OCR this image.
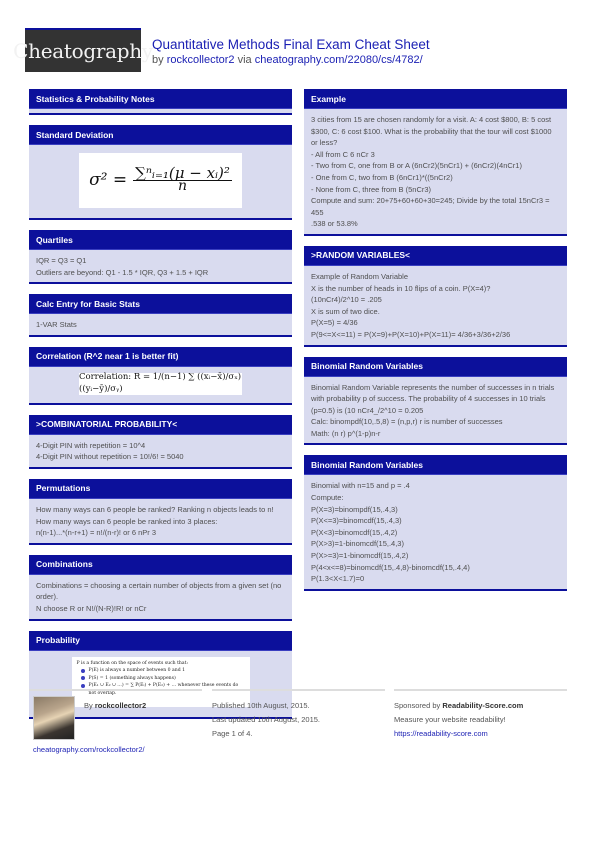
Cheatography Quantitative Methods Final Exam Cheat Sheet
by rockcollector2 via cheatography.com/22080/cs/4782/
Statistics & Probability Notes
Standard Deviation
$\sigma^2 = \frac{\text{∑ⁿᵢ₌₁(μ − xᵢ)²}}{n}$
Quartiles
IQR = Q3 = Q1
Outliers are beyond: Q1 - 1.5 * IQR, Q3 + 1.5 + IQR
Calc Entry for Basic Stats
1-VAR Stats
Correlation (R^2 near 1 is better fit)
Correlation: R = 1/(n−1) ∑ ((xᵢ−x̄)/σₓ)((yᵢ−ȳ)/σᵧ)
>COMBINATORIAL PROBABILITY<
4-Digit PIN with repetition = 10^4
4-Digit PIN without repetition = 10!/6! = 5040
Permutations
How many ways can 6 people be ranked? Ranking n objects leads to n!
How many ways can 6 people be ranked into 3 places:
n(n-1)...*(n-r+1) = n!/(n-r)! or 6 nPr 3
Combinations
Combinations = choosing a certain number of objects from a given set (no order).
N choose R or N!/(N-R)!R! or nCr
Probability
P is a function on the space of events such that:
P(E) is always a number between 0 and 1
P(S) = 1 (something always happens)
P(E₁ ∪ E₂ ∪ …) = ∑ P(Eᵢ) + P(E₂) + … whenever these events do not overlap.
Example
3 cities from 15 are chosen randomly for a visit. A: 4 cost $800, B: 5 cost $300, C: 6 cost $100. What is the probability that the tour will cost $1000 or less?
- All from C 6 nCr 3
- Two from C, one from B or A (6nCr2)(5nCr1) + (6nCr2)(4nCr1)
- One from C, two from B (6nCr1)*((5nCr2)
- None from C, three from B (5nCr3)
Compute and sum: 20+75+60+60+30=245; Divide by the total 15nCr3 = 455
.538 or 53.8%
>RANDOM VARIABLES<
Example of Random Variable
X is the number of heads in 10 flips of a coin. P(X=4)?
(10nCr4)/2^10 = .205
X is sum of two dice.
P(X=5) = 4/36
P(9<=X<=11) = P(X=9)+P(X=10)+P(X=11)= 4/36+3/36+2/36
Binomial Random Variables
Binomial Random Variable represents the number of successes in n trials with probability p of success. The probability of 4 successes in 10 trials (p=0.5) is (10 nCr4_/2^10 = 0.205
Calc: binompdf(10,.5,8) = (n,p,r) r is number of successes
Math: (n r) p^(1-p)n-r
Binomial Random Variables
Binomial with n=15 and p = .4
Compute:
P(X=3)=binompdf(15,.4,3)
P(X<=3)=binomcdf(15,.4,3)
P(X<3)=binomcdf(15,.4,2)
P(X>3)=1-binomcdf(15,.4,3)
P(X>=3)=1-binomcdf(15,.4,2)
P(4<x<=8)=binomcdf(15,.4,8)-binomcdf(15,.4,4)
P(1.3<X<1.7)=0
By rockcollector2
cheatography.com/rockcollector2/
Published 10th August, 2015.
Last updated 10th August, 2015.
Page 1 of 4.
Sponsored by Readability-Score.com
Measure your website readability!
https://readability-score.com
